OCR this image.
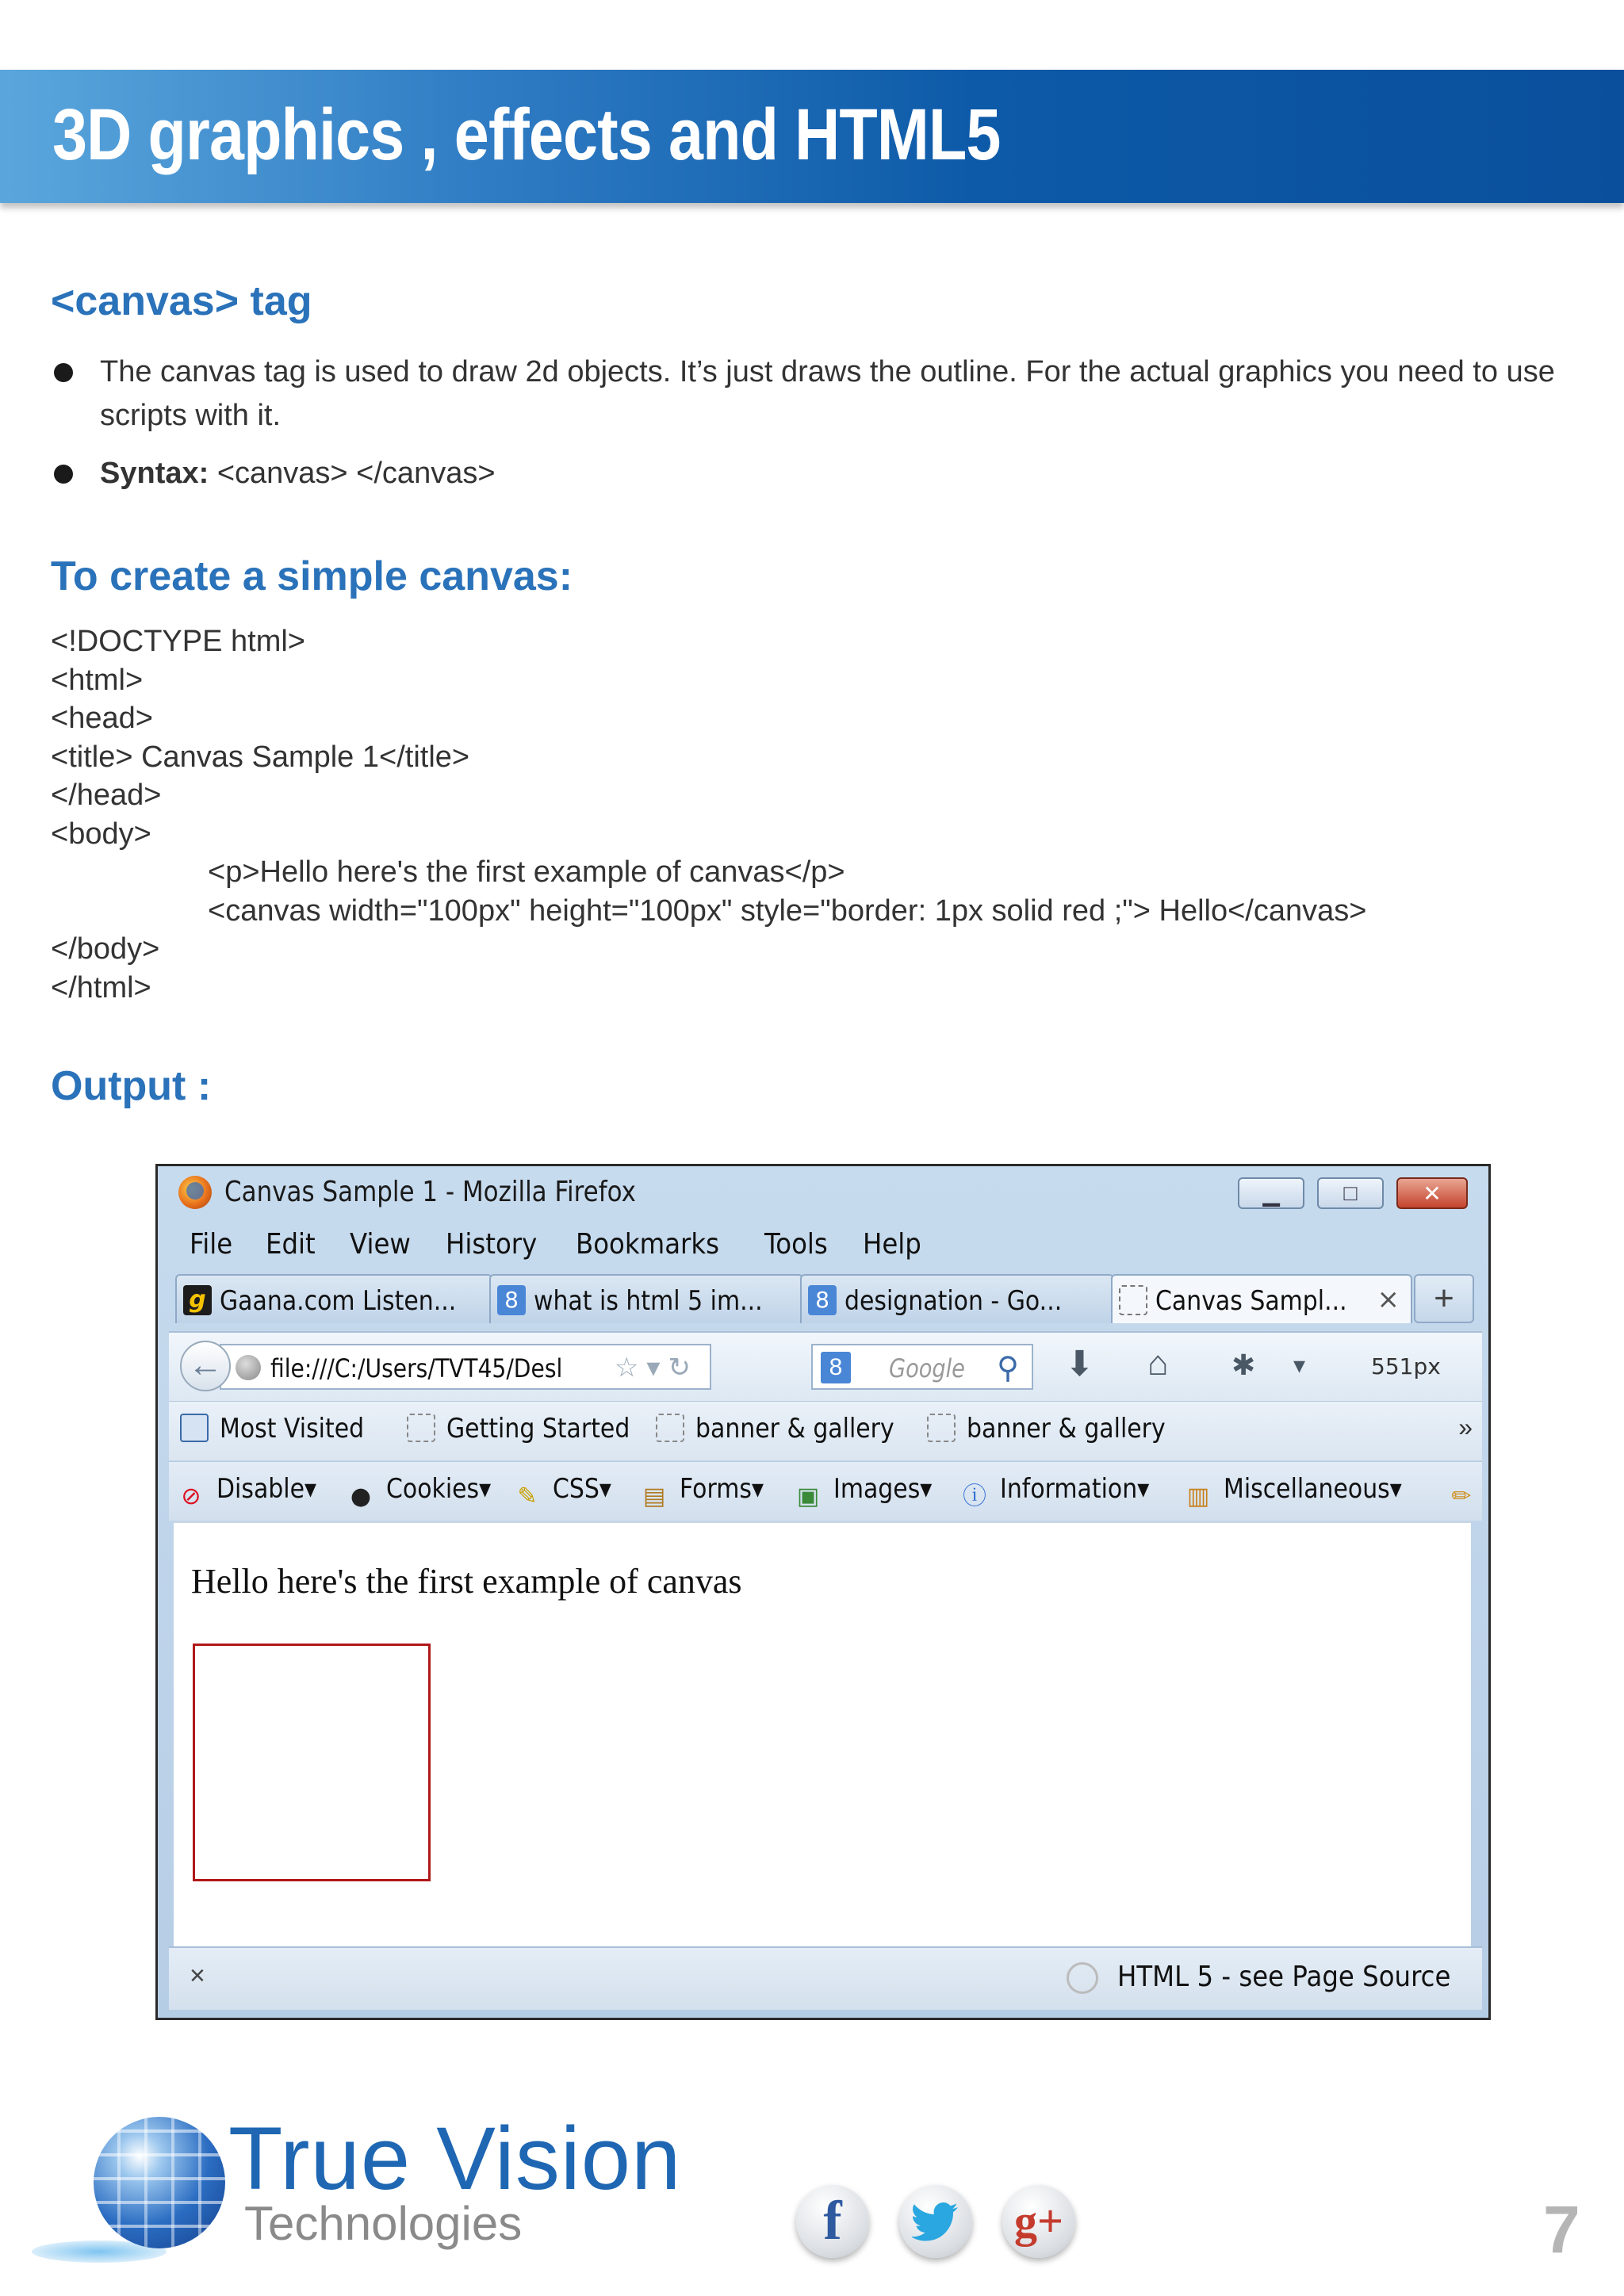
3D graphics , effects and HTML5
<canvas> tag
The canvas tag is used to draw 2d objects. It’s just draws the outline. For the actual graphics you need to use scripts with it.
Syntax: <canvas> </canvas>
To create a simple canvas:
<!DOCTYPE html>
<html>
<head>
<title> Canvas Sample 1</title>
</head>
<body>
<p>Hello here's the first example of canvas</p>
<canvas width="100px" height="100px" style="border: 1px solid red ;"> Hello</canvas>
</body>
</html>
Output :
Canvas Sample 1 - Mozilla Firefox	▁	□	✕
File Edit View History Bookmarks Tools Help
g Gaana.com Listen...	8 what is html 5 im...	8 designation - Go...	Canvas Sampl... × +
file:///C:/Users/TVT45/Desl	☆▾↻
←	8	Google ⚲ ⬇ ⌂ ✱ ▾	551px
Most Visited	Getting Started	banner & gallery	banner & gallery	»
⊘ Disable▾	● Cookies▾	✎ CSS▾	▤ Forms▾	▣ Images▾	ⓘ Information▾	▥ Miscellaneous▾	✏
Hello here's the first example of canvas
×	HTML 5 - see Page Source
True Vision
Technologies	f	g+	7
